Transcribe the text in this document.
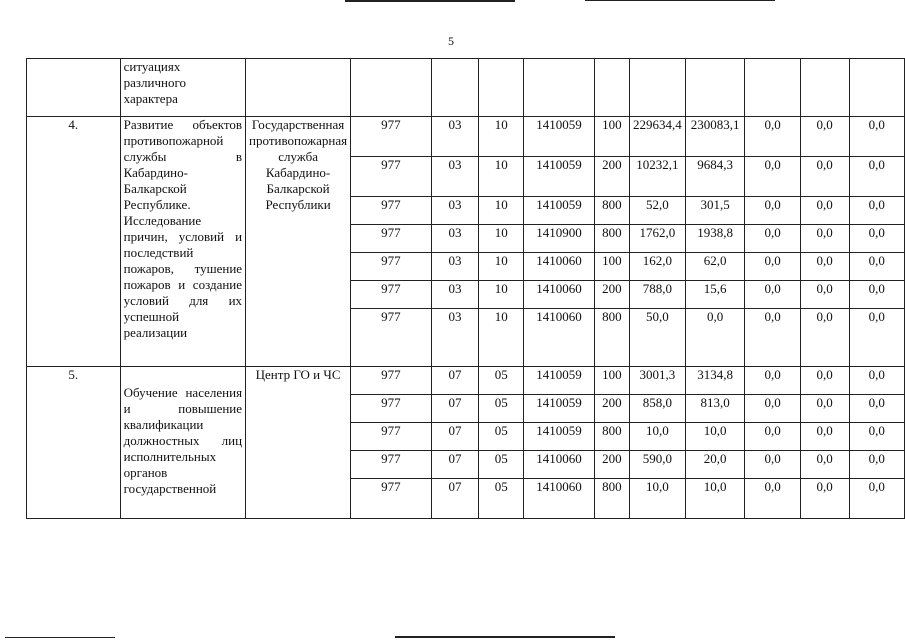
5
	ситуациях различного характера											
4.	Развитие объектов противопожарной службы в Кабардино-Балкарской Республике. Исследование причин, условий и последствий пожаров, тушение пожаров и создание условий для их успешной реализации	Государственная противопожарная служба Кабардино-Балкарской Республики	977	03	10	1410059	100	229634,4	230083,1	0,0	0,0	0,0
			977	03	10	1410059	200	10232,1	9684,3	0,0	0,0	0,0
			977	03	10	1410059	800	52,0	301,5	0,0	0,0	0,0
			977	03	10	1410900	800	1762,0	1938,8	0,0	0,0	0,0
			977	03	10	1410060	100	162,0	62,0	0,0	0,0	0,0
			977	03	10	1410060	200	788,0	15,6	0,0	0,0	0,0
			977	03	10	1410060	800	50,0	0,0	0,0	0,0	0,0
5.	Обучение населения и повышение квалификации должностных лиц исполнительных органов государственной	Центр ГО и ЧС	977	07	05	1410059	100	3001,3	3134,8	0,0	0,0	0,0
			977	07	05	1410059	200	858,0	813,0	0,0	0,0	0,0
			977	07	05	1410059	800	10,0	10,0	0,0	0,0	0,0
			977	07	05	1410060	200	590,0	20,0	0,0	0,0	0,0
			977	07	05	1410060	800	10,0	10,0	0,0	0,0	0,0
